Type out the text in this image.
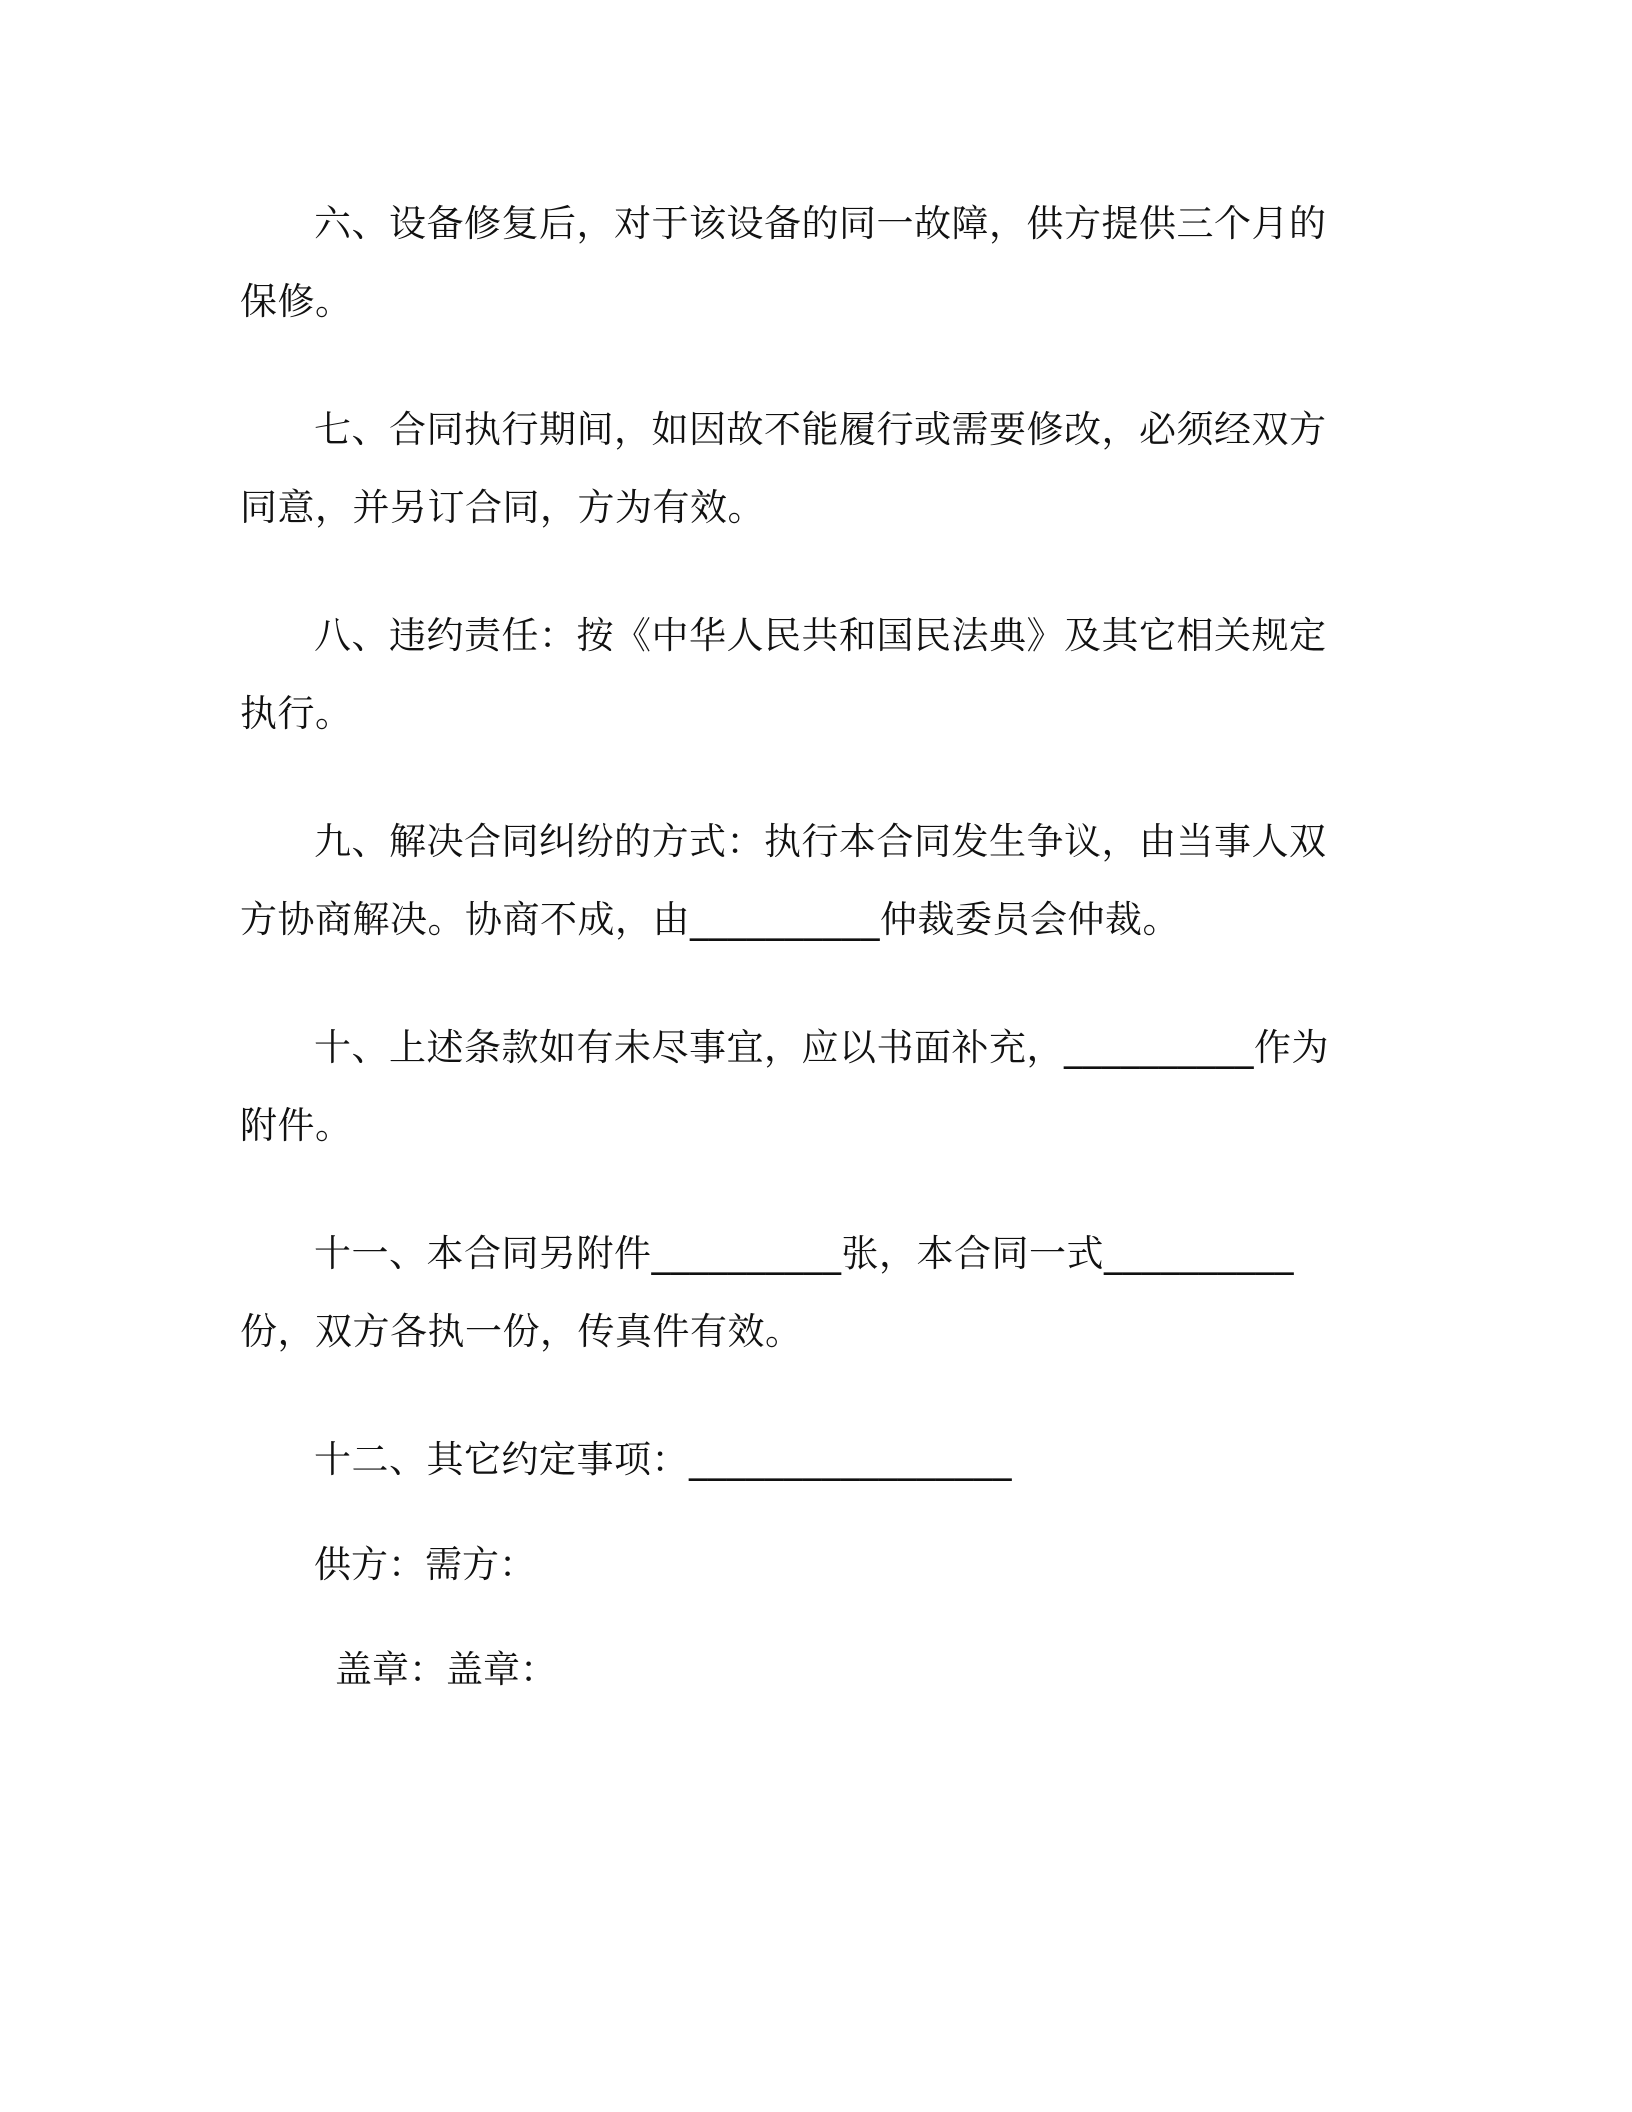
六、设备修复后，对于该设备的同一故障，供方提供三个月的保修。

七、合同执行期间，如因故不能履行或需要修改，必须经双方同意，并另订合同，方为有效。

八、违约责任：按《中华人民共和国民法典》及其它相关规定执行。

九、解决合同纠纷的方式：执行本合同发生争议，由当事人双方协商解决。协商不成，由__________仲裁委员会仲裁。

十、上述条款如有未尽事宜，应以书面补充，__________作为附件。

十一、本合同另附件__________张，本合同一式__________份，双方各执一份，传真件有效。

十二、其它约定事项：_________________

供方：需方：
盖章：盖章：
